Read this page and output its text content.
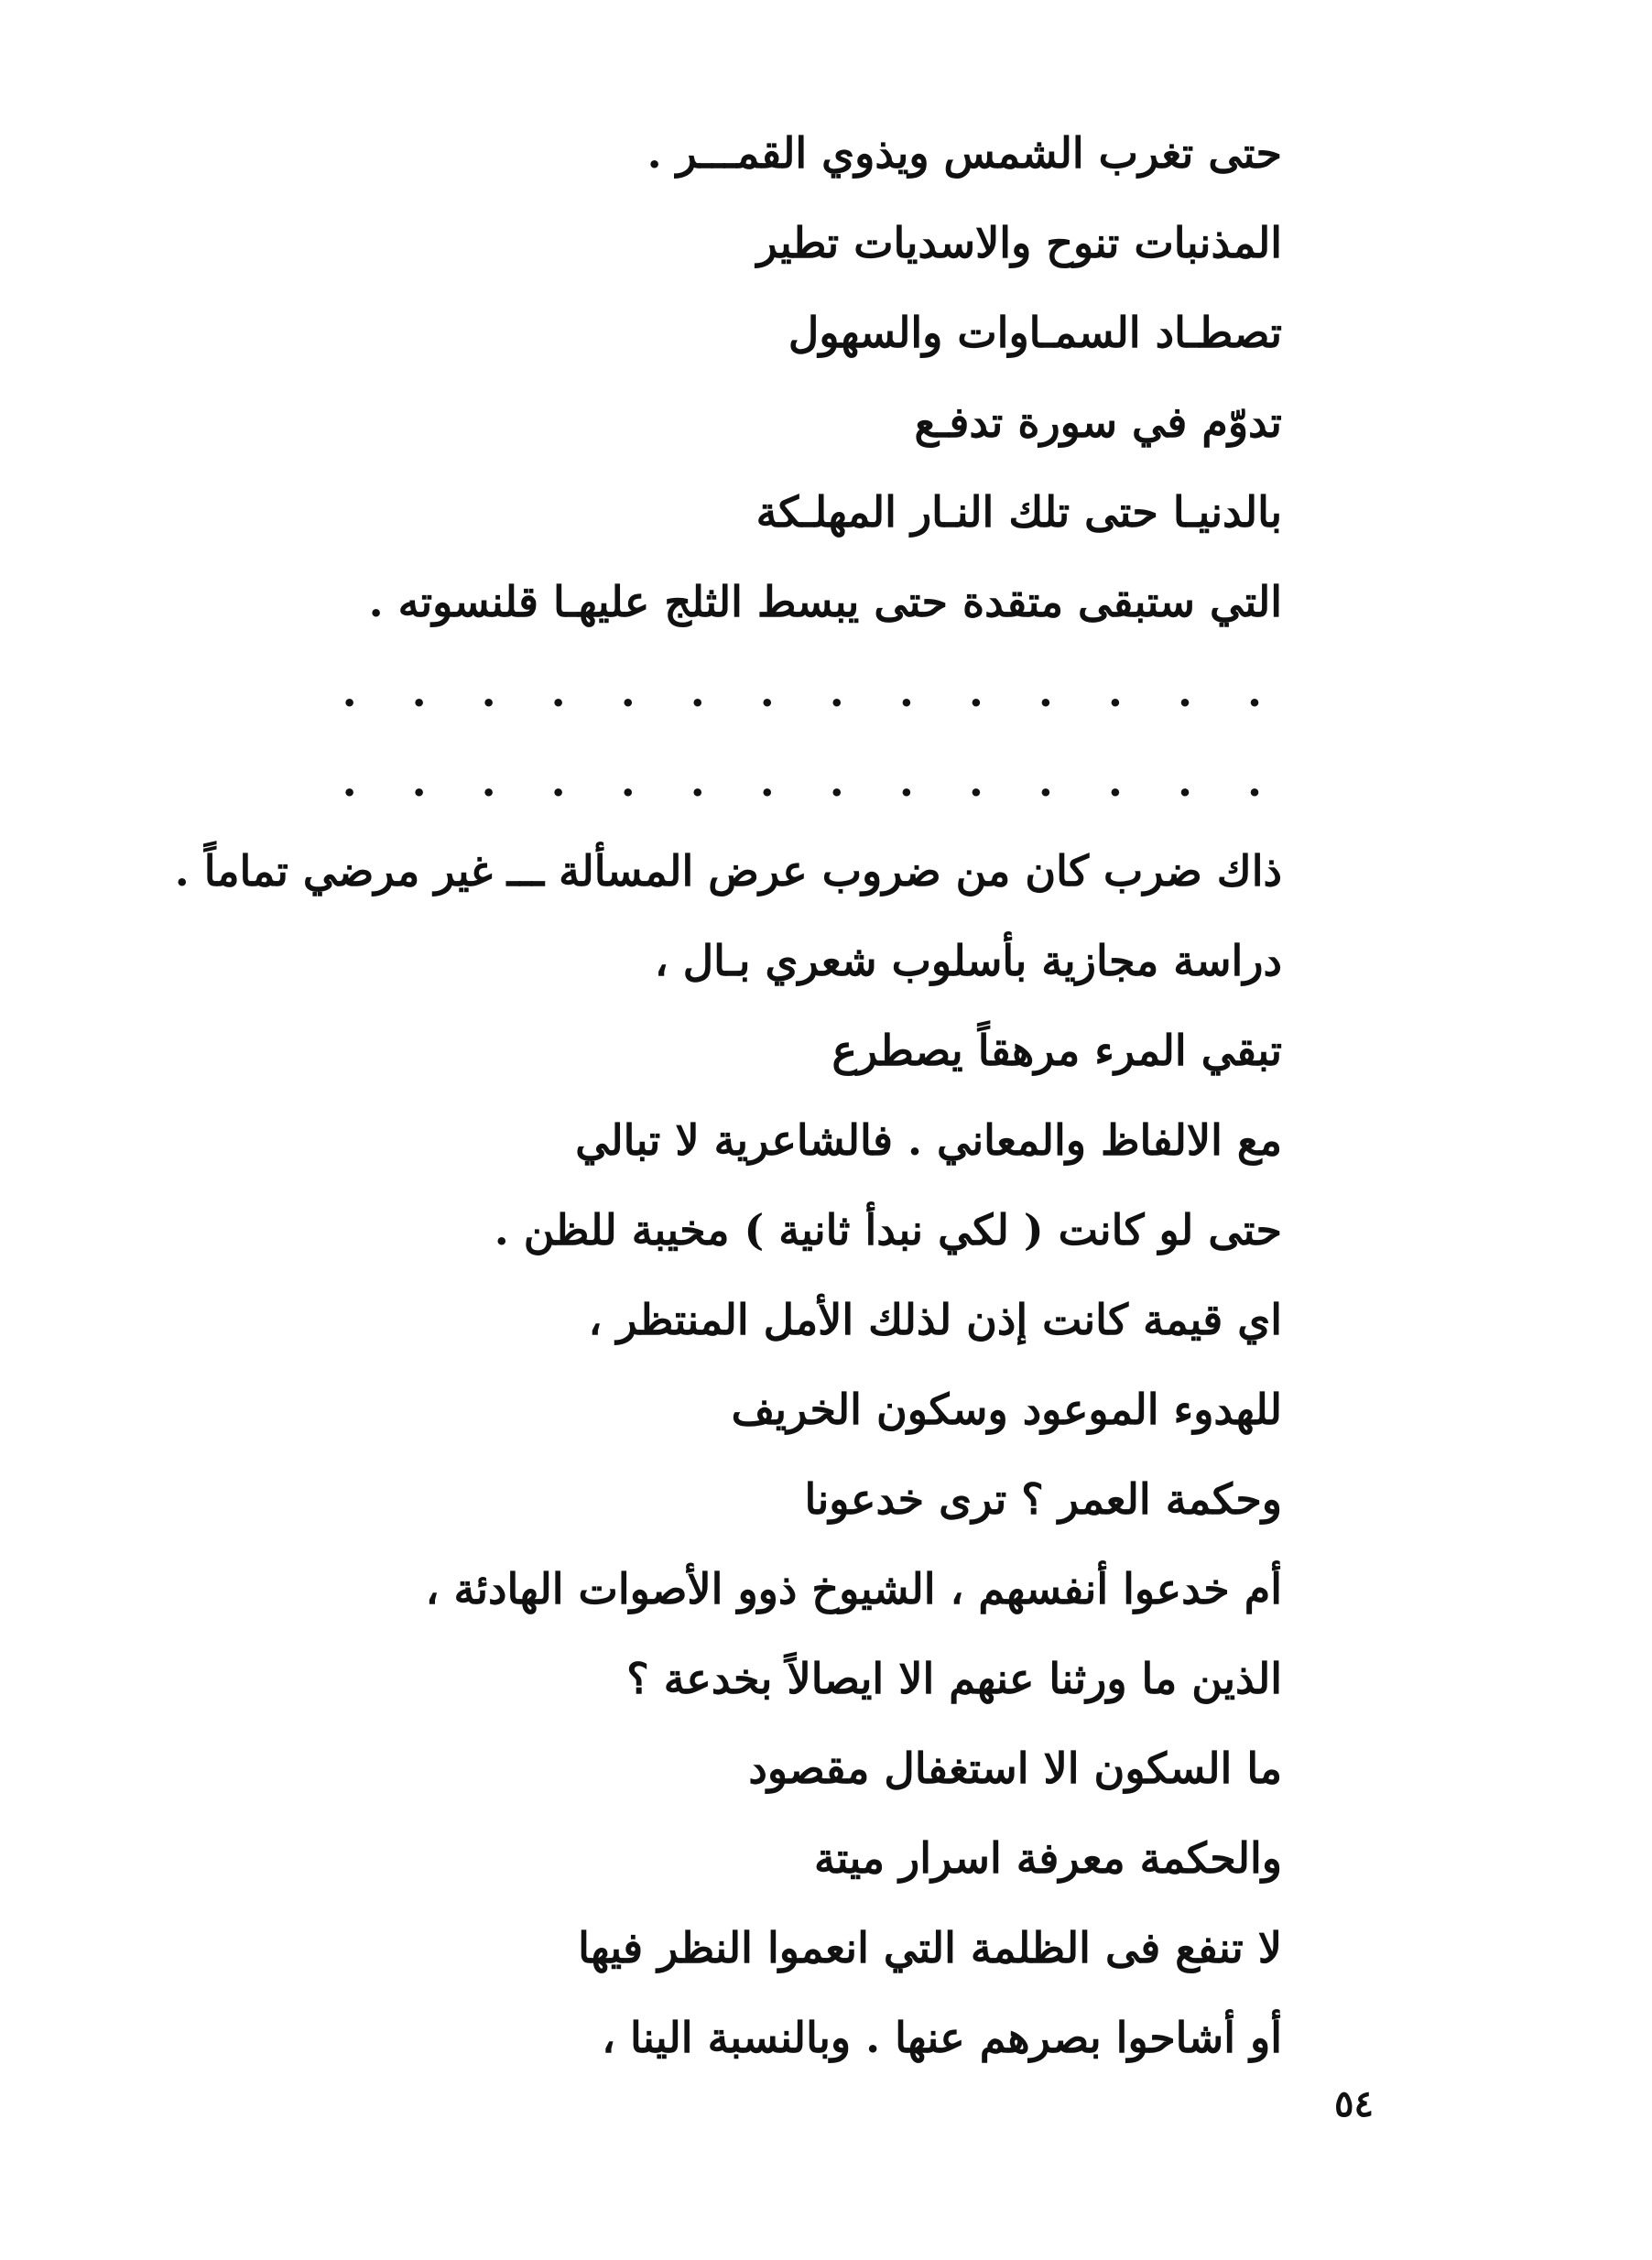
حتى تغرب الشمس ويذوي القمـــر .
المذنبات تنوح والاسديات تطير
تصطـاد السمـاوات والسهول
تدوّم في سورة تدفـع
بالدنيـا حتى تلك النـار المهلـكة
التي ستبقى متقدة حتى يبسط الثلج عليهـا قلنسوته .
. . . . . . . . . . . . . .
. . . . . . . . . . . . . .
ذاك ضرب كان من ضروب عرض المسألة ـــ غير مرضي تماماً .
دراسة مجازية بأسلوب شعري بـال ،
تبقي المرء مرهقاً يصطرع
مع الالفاظ والمعاني . فالشاعرية لا تبالي
حتى لو كانت ( لكي نبدأ ثانية ) مخيبة للظن .
اي قيمة كانت إذن لذلك الأمل المنتظر ،
للهدوء الموعود وسكون الخريف
وحكمة العمر ؟ ترى خدعونا
أم خدعوا أنفسهم ، الشيوخ ذوو الأصوات الهادئة ،
الذين ما ورثنا عنهم الا ايصالاً بخدعة ؟
ما السكون الا استغفال مقصود
والحكمة معرفة اسرار ميتة
لا تنفع فى الظلمة التي انعموا النظر فيها
أو أشاحوا بصرهم عنها . وبالنسبة الينا ،
٥٤
